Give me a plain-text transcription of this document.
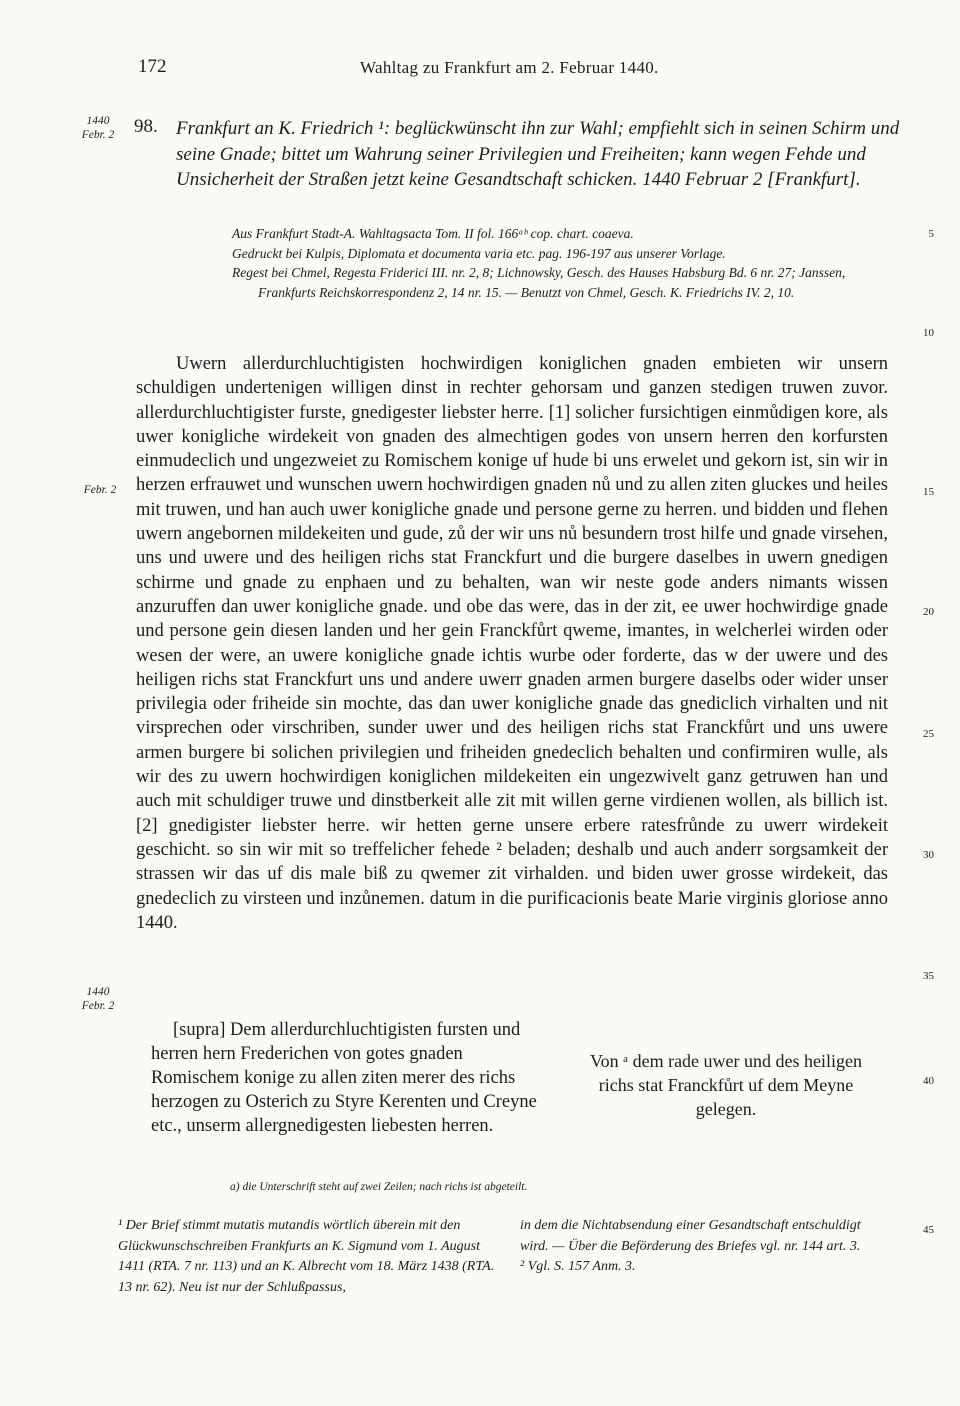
172	Wahltag zu Frankfurt am 2. Februar 1440.
1440
Febr. 2	98. Frankfurt an K. Friedrich ¹: beglückwünscht ihn zur Wahl; empfiehlt sich in seinen Schirm und seine Gnade; bittet um Wahrung seiner Privilegien und Freiheiten; kann wegen Fehde und Unsicherheit der Straßen jetzt keine Gesandtschaft schicken. 1440 Februar 2 [Frankfurt].

Aus Frankfurt Stadt-A. Wahltagsacta Tom. II fol. 166ᵃᵇ cop. chart. coaeva.

Gedruckt bei Kulpis, Diplomata et documenta varia etc. pag. 196-197 aus unserer Vorlage.

Regest bei Chmel, Regesta Friderici III. nr. 2, 8; Lichnowsky, Gesch. des Hauses Habsburg Bd. 6 nr. 27; Janssen, Frankfurts Reichskorrespondenz 2, 14 nr. 15. — Benutzt von Chmel, Gesch. K. Friedrichs IV. 2, 10.

5
10
15
20
25
30
35
40
45
Febr. 2

Uwern allerdurchluchtigisten hochwirdigen koniglichen gnaden embieten wir unsern schuldigen undertenigen willigen dinst in rechter gehorsam und ganzen stedigen truwen zuvor. allerdurchluchtigister furste, gnedigester liebster herre. [1] solicher fursichtigen einmůdigen kore, als uwer konigliche wirdekeit von gnaden des almechtigen godes von unsern herren den korfursten einmudeclich und ungezweiet zu Romischem konige uf hude bi uns erwelet und gekorn ist, sin wir in herzen erfrauwet und wunschen uwern hochwirdigen gnaden nů und zu allen ziten gluckes und heiles mit truwen, und han auch uwer konigliche gnade und persone gerne zu herren. und bidden und flehen uwern angebornen mildekeiten und gude, zů der wir uns nů besundern trost hilfe und gnade virsehen, uns und uwere und des heiligen richs stat Franckfurt und die burgere daselbes in uwern gnedigen schirme und gnade zu enphaen und zu behalten, wan wir neste gode anders nimants wissen anzuruffen dan uwer konigliche gnade. und obe das were, das in der zit, ee uwer hochwirdige gnade und persone gein diesen landen und her gein Franckfůrt qweme, imantes, in welcherlei wirden oder wesen der were, an uwere konigliche gnade ichtis wurbe oder forderte, das w der uwere und des heiligen richs stat Franckfurt uns und andere uwerr gnaden armen burgere daselbs oder wider unser privilegia oder friheide sin mochte, das dan uwer konigliche gnade das gnediclich virhalten und nit virsprechen oder virschriben, sunder uwer und des heiligen richs stat Franckfůrt und uns uwere armen burgere bi solichen privilegien und friheiden gnedeclich behalten und confirmiren wulle, als wir des zu uwern hochwirdigen koniglichen mildekeiten ein ungezwivelt ganz getruwen han und auch mit schuldiger truwe und dinstberkeit alle zit mit willen gerne virdienen wollen, als billich ist. [2] gnedigister liebster herre. wir hetten gerne unsere erbere ratesfrůnde zu uwerr wirdekeit geschicht. so sin wir mit so treffelicher fehede ² beladen; deshalb und auch anderr sorgsamkeit der strassen wir das uf dis male biß zu qwemer zit virhalden. und biden uwer grosse wirdekeit, das gnedeclich zu virsteen und inzůnemen. datum in die purificacionis beate Marie virginis gloriose anno 1440.

1440
Febr. 2

[supra] Dem allerdurchluchtigisten fursten und herren hern Frederichen von gotes gnaden Romischem konige zu allen ziten merer des richs herzogen zu Osterich zu Styre Kerenten und Creyne etc., unserm allergnedigesten liebesten herren.

Von ᵃ dem rade uwer und des heiligen
richs stat Franckfůrt uf dem Meyne
gelegen.
a) die Unterschrift steht auf zwei Zeilen; nach richs ist abgeteilt.

¹ Der Brief stimmt mutatis mutandis wörtlich überein mit den Glückwunschschreiben Frankfurts an K. Sigmund vom 1. August 1411 (RTA. 7 nr. 113) und an K. Albrecht vom 18. März 1438 (RTA. 13 nr. 62). Neu ist nur der Schlußpassus,

in dem die Nichtabsendung einer Gesandtschaft entschuldigt wird. — Über die Beförderung des Briefes vgl. nr. 144 art. 3.

² Vgl. S. 157 Anm. 3.
